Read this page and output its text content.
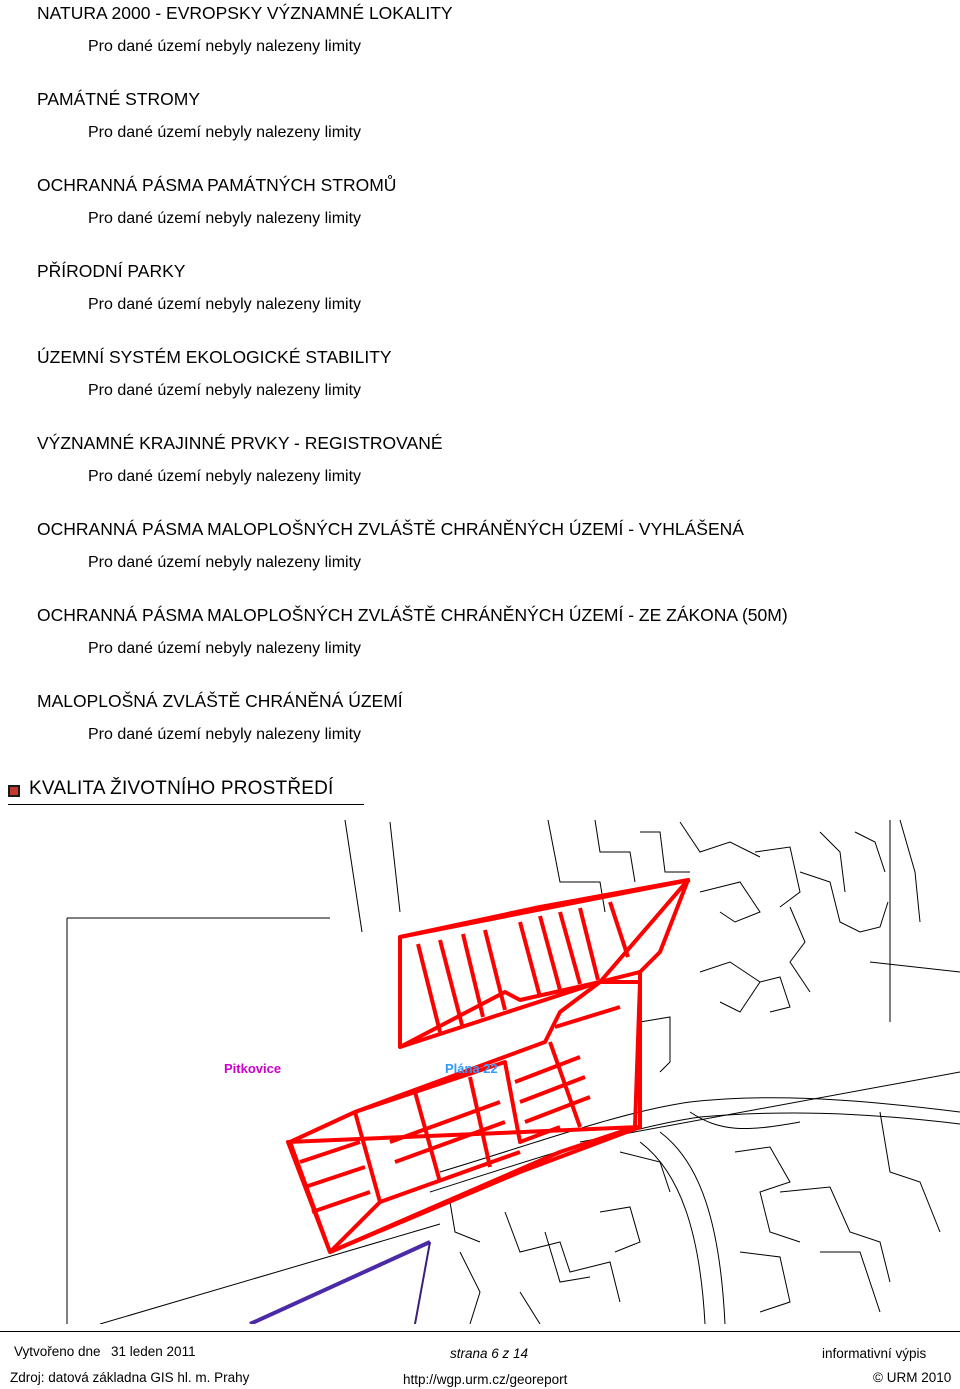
NATURA 2000 - EVROPSKY VÝZNAMNÉ LOKALITY
Pro dané území nebyly nalezeny limity
PAMÁTNÉ STROMY
Pro dané území nebyly nalezeny limity
OCHRANNÁ PÁSMA PAMÁTNÝCH STROMŮ
Pro dané území nebyly nalezeny limity
PŘÍRODNÍ PARKY
Pro dané území nebyly nalezeny limity
ÚZEMNÍ SYSTÉM EKOLOGICKÉ STABILITY
Pro dané území nebyly nalezeny limity
VÝZNAMNÉ KRAJINNÉ PRVKY - REGISTROVANÉ
Pro dané území nebyly nalezeny limity
OCHRANNÁ PÁSMA MALOPLOŠNÝCH ZVLÁŠTĚ CHRÁNĚNÝCH ÚZEMÍ - VYHLÁŠENÁ
Pro dané území nebyly nalezeny limity
OCHRANNÁ PÁSMA MALOPLOŠNÝCH ZVLÁŠTĚ CHRÁNĚNÝCH ÚZEMÍ - ZE ZÁKONA (50M)
Pro dané území nebyly nalezeny limity
MALOPLOŠNÁ ZVLÁŠTĚ CHRÁNĚNÁ ÚZEMÍ
Pro dané území nebyly nalezeny limity
KVALITA ŽIVOTNÍHO PROSTŘEDÍ
Pitkovice	Plána 22
Vytvořeno dne 31 leden 2011	strana 6 z 14	informativní výpis
Zdroj: datová základna GIS hl. m. Prahy	http://wgp.urm.cz/georeport	© URM 2010
